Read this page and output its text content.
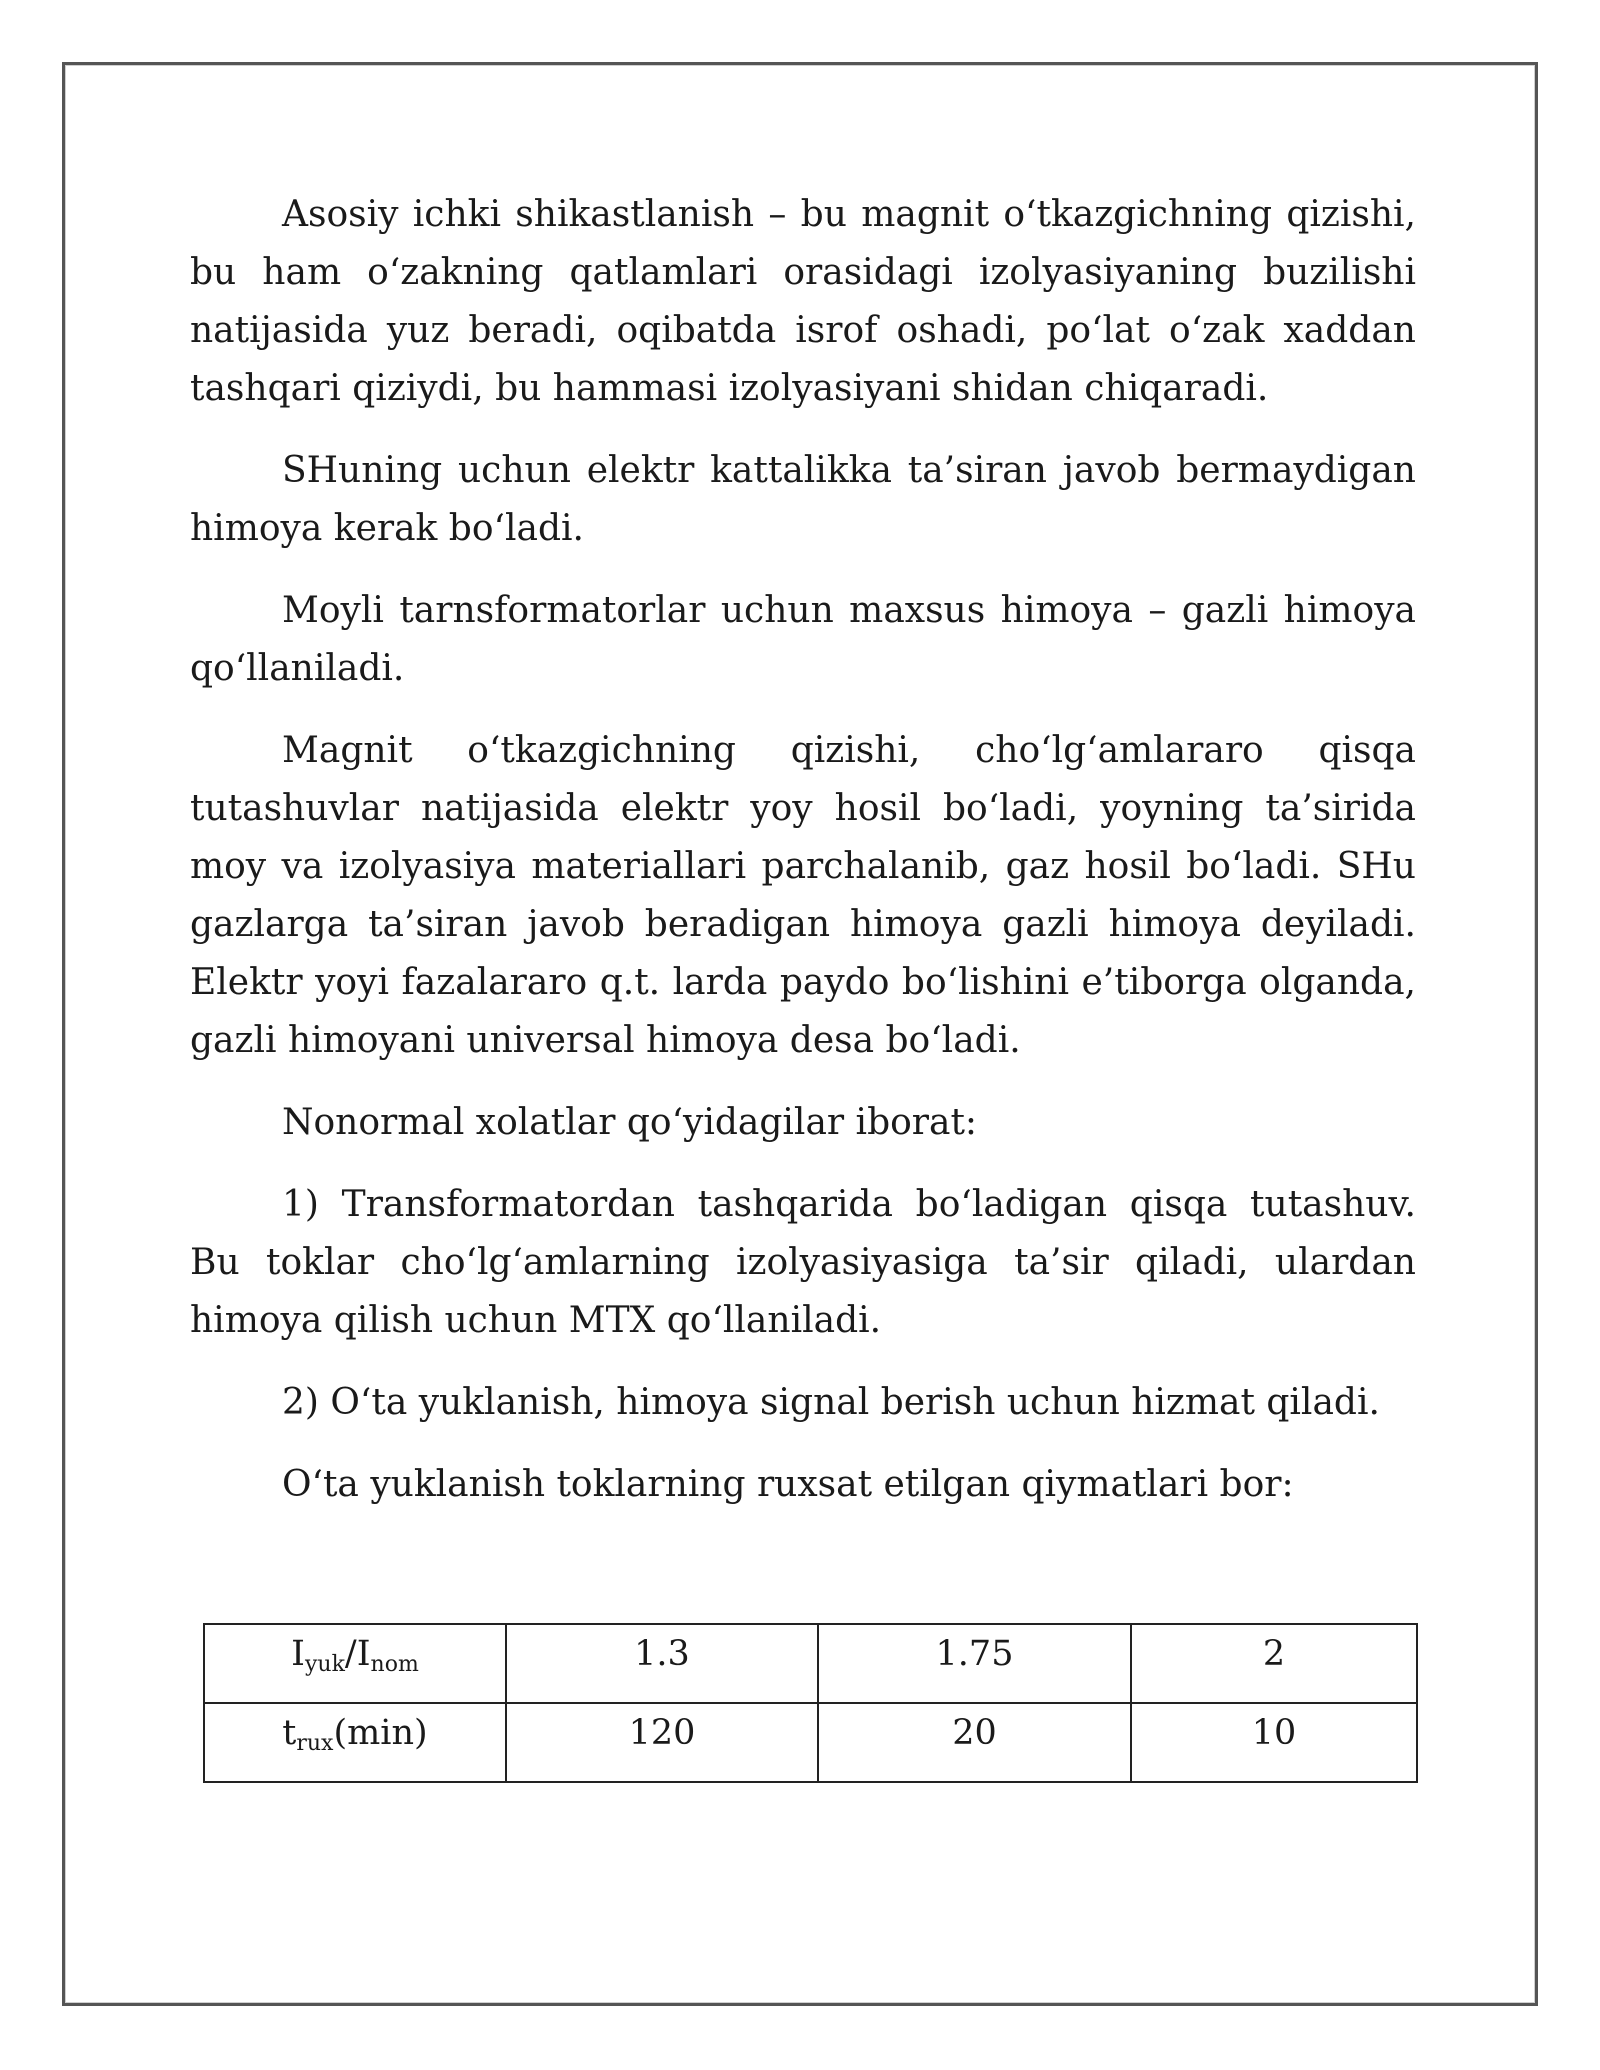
Asosiy ichki shikastlanish – bu magnit o‘tkazgichning qizishi, bu ham o‘zakning qatlamlari orasidagi izolyasiyaning buzilishi natijasida yuz beradi, oqibatda isrof oshadi, po‘lat o‘zak xaddan tashqari qiziydi, bu hammasi izolyasiyani shidan chiqaradi.

SHuning uchun elektr kattalikka ta’siran javob bermaydigan himoya kerak bo‘ladi.

Moyli tarnsformatorlar uchun maxsus himoya – gazli himoya qo‘llaniladi.

Magnit o‘tkazgichning qizishi, cho‘lg‘amlararo qisqa tutashuvlar natijasida elektr yoy hosil bo‘ladi, yoyning ta’sirida moy va izolyasiya materiallari parchalanib, gaz hosil bo‘ladi. SHu gazlarga ta’siran javob beradigan himoya gazli himoya deyiladi. Elektr yoyi fazalararo q.t. larda paydo bo‘lishini e’tiborga olganda, gazli himoyani universal himoya desa bo‘ladi.

Nonormal xolatlar qo‘yidagilar iborat:

1) Transformatordan tashqarida bo‘ladigan qisqa tutashuv. Bu toklar cho‘lg‘amlarning izolyasiyasiga ta’sir qiladi, ulardan himoya qilish uchun MTX qo‘llaniladi.

2) O‘ta yuklanish, himoya signal berish uchun hizmat qiladi.

O‘ta yuklanish toklarning ruxsat etilgan qiymatlari bor:

$I_{yuk}/I_{nom}$	1.3	1.75	2
$t_{rux}(\min)$	120	20	10
